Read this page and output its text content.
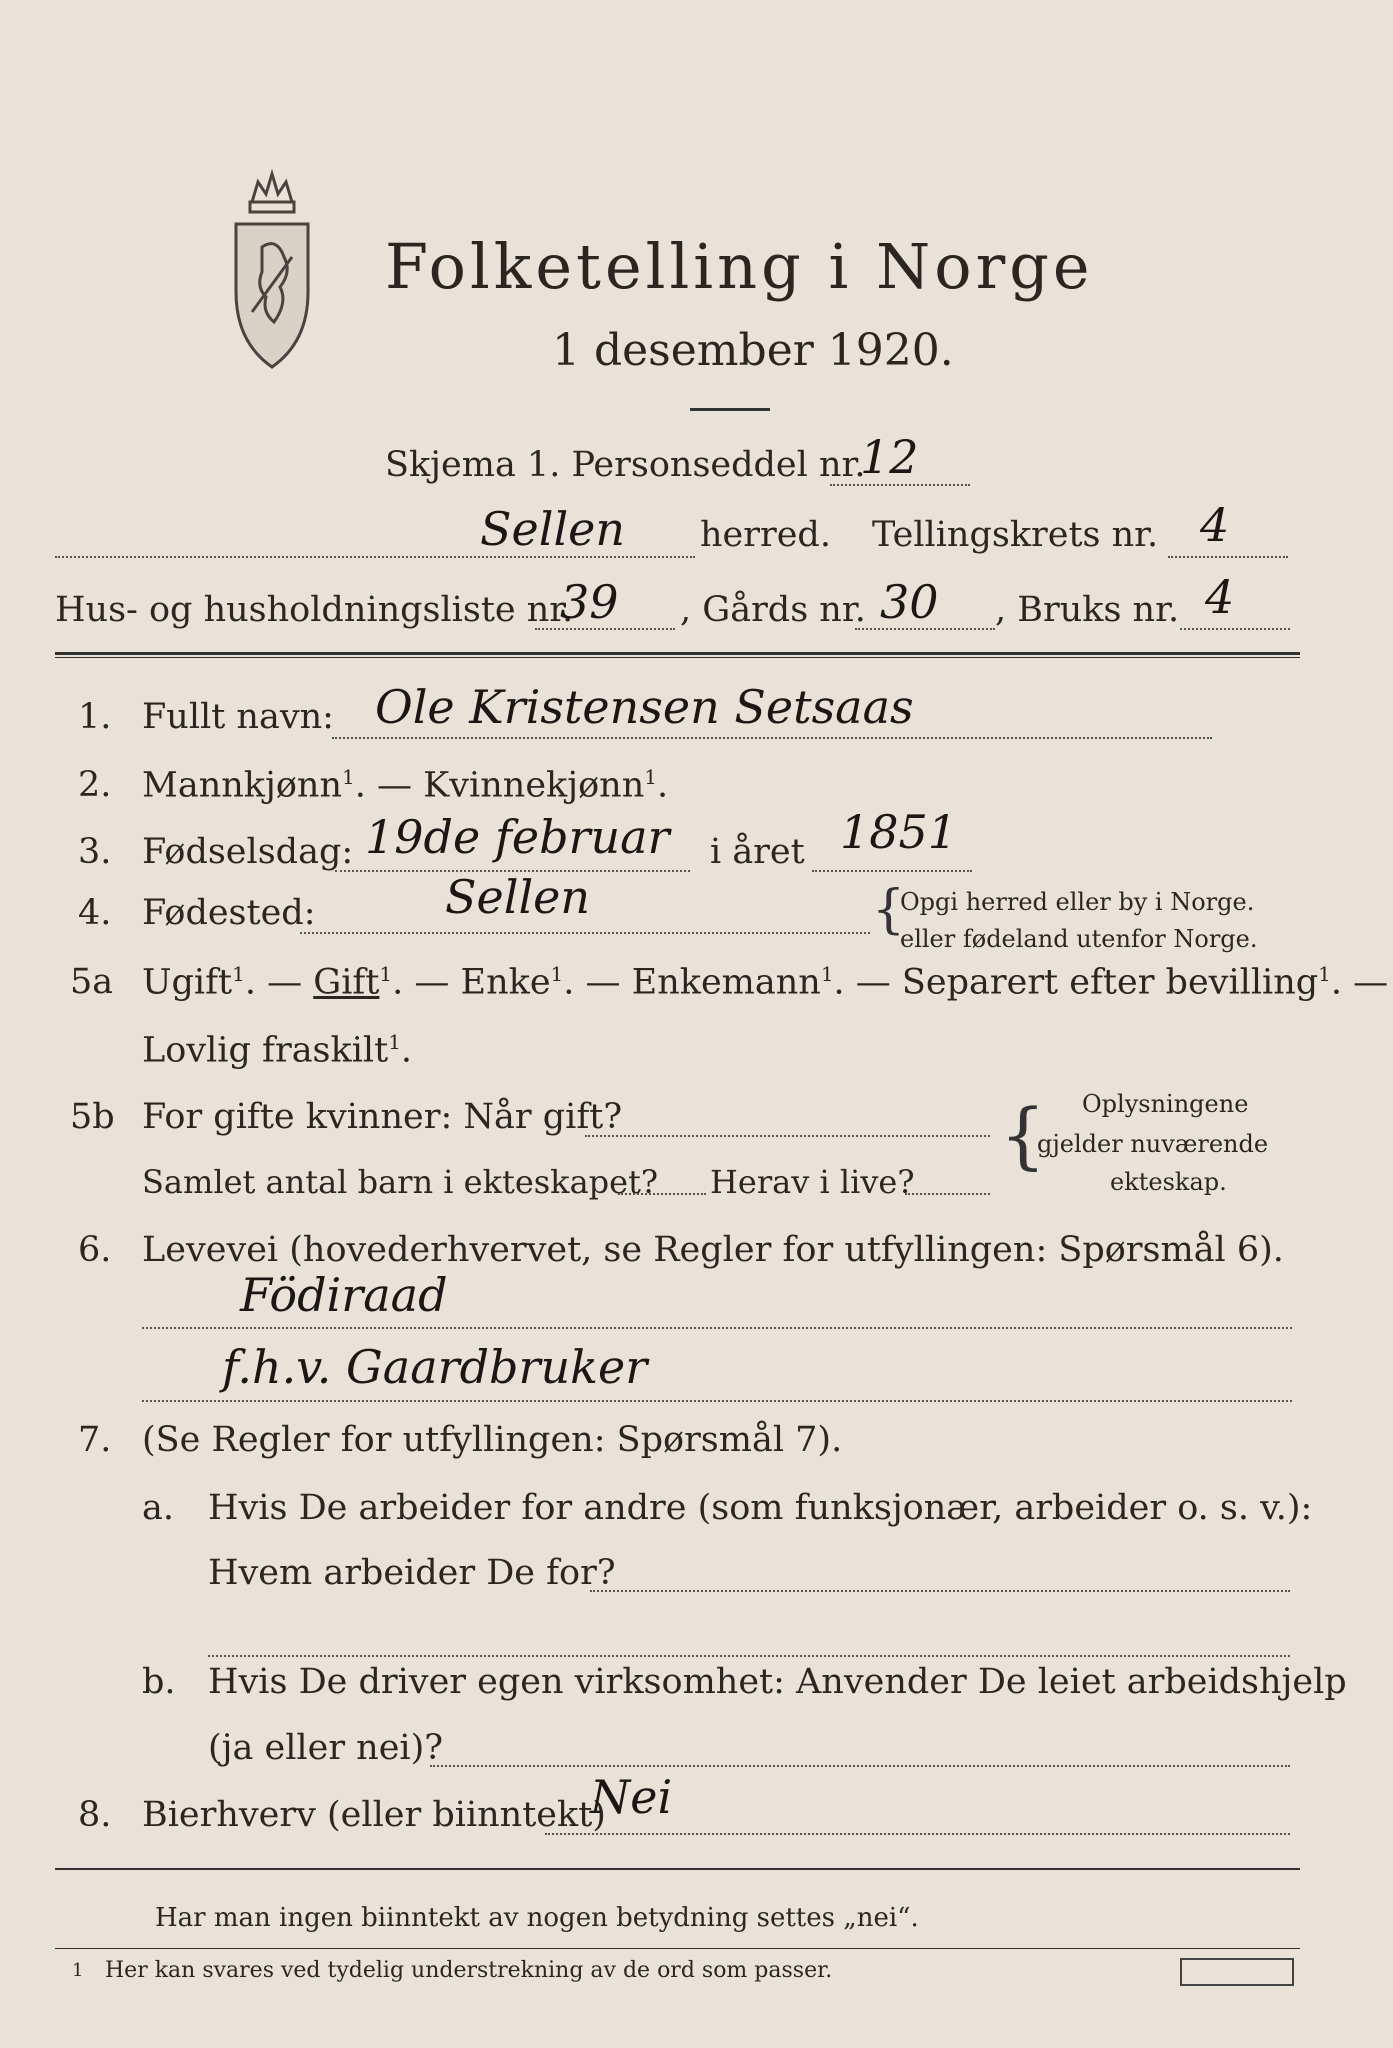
Folketelling i Norge
1 desember 1920.
Skjema 1. Personseddel nr.
12
Sellen herred. Tellingskrets nr. 4
Hus- og husholdningsliste nr.
39 , Gårds nr. 30 , Bruks nr. 4
1. Fullt navn: Ole Kristensen Setsaas
2. Mannkjønn$^1$. — Kvinnekjønn$^1$.
3. Fødselsdag: 19de februar i året 1851
4. Fødested:	Sellen	{
Opgi herred eller by i Norge.
eller fødeland utenfor Norge.
5a Ugift$^1$. — Gift$^1$. — Enke$^1$. — Enkemann$^1$. — Separert efter bevilling$^1$. —
Lovlig fraskilt$^1$.
5b For gifte kvinner: Når gift?
Samlet antal barn i ekteskapet? Herav i live?
{ Oplysningene
gjelder nuværende
ekteskap.
6. Levevei (hovederhvervet, se Regler for utfyllingen: Spørsmål 6).
Födiraad
f.h.v. Gaardbruker
7. (Se Regler for utfyllingen: Spørsmål 7).
a. Hvis De arbeider for andre (som funksjonær, arbeider o. s. v.):
Hvem arbeider De for?
b. Hvis De driver egen virksomhet: Anvender De leiet arbeidshjelp
(ja eller nei)?
8. Bierhverv (eller biinntekt)
Nei
Har man ingen biinntekt av nogen betydning settes „nei“.
1 Her kan svares ved tydelig understrekning av de ord som passer.
